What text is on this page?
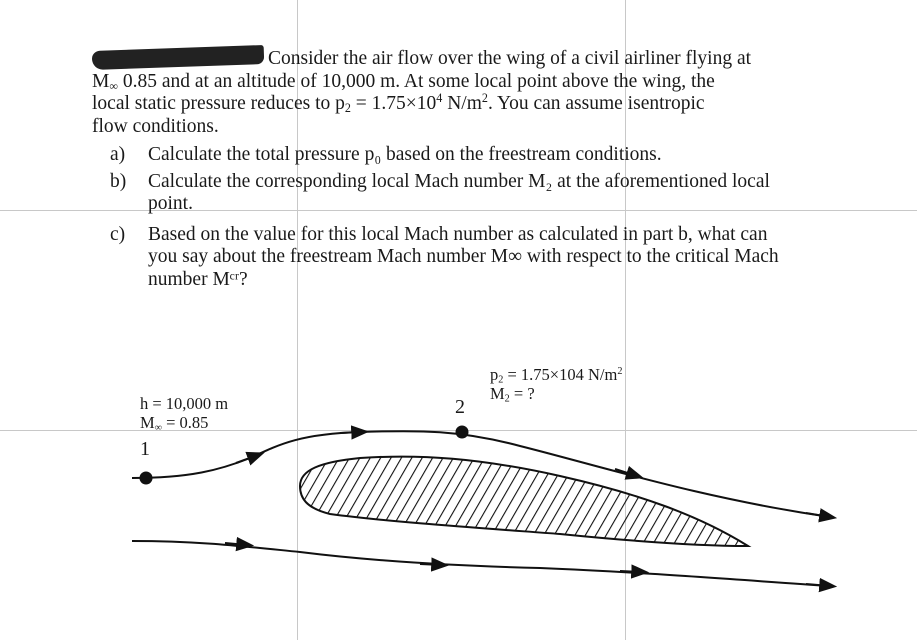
Consider the air flow over the wing of a civil airliner flying at

$M_\infty$ 0.85 and at an altitude of 10,000 m. At some local point above the wing, the

local static pressure reduces to $p_2 = 1.75\times 10^4$ $N/m^2$. You can assume isentropic

flow conditions.

a)	Calculate the total pressure p₀ based on the freestream conditions.
b)	Calculate the corresponding local Mach number M₂ at the aforementioned local point.
c)	Based on the value for this local Mach number as calculated in part b, what can you say about the freestream Mach number M∞ with respect to the critical Mach number Mᶜʳ?
h = 10,000 m
$M_\infty = 0.85$
1
2
$p_2 = 1.75\times 104$ $N/m^2$
$M_2$ = ?
